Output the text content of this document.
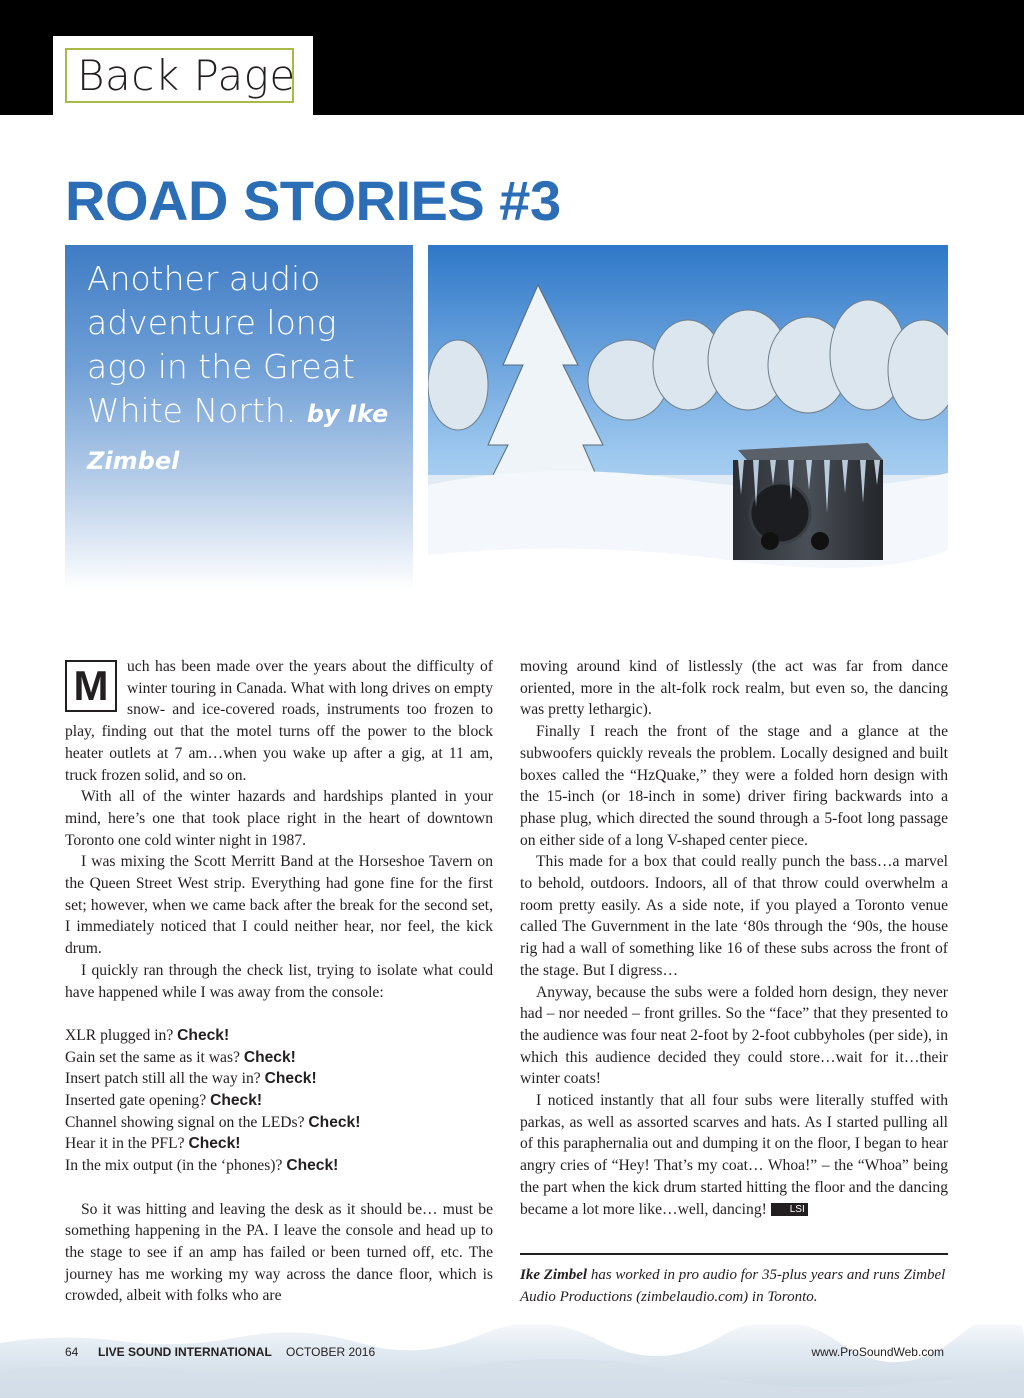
Back Page
ROAD STORIES #3
Another audio adventure long ago in the Great White North. by Ike Zimbel
M	uch has been made over the years about the difficulty of winter touring in Canada. What with long drives on empty snow- and ice-covered roads, instruments too frozen to play, finding out that the motel turns off the power to the block heater outlets at 7 am…when you wake up after a gig, at 11 am, truck frozen solid, and so on.

With all of the winter hazards and hardships planted in your mind, here’s one that took place right in the heart of downtown Toronto one cold winter night in 1987.

I was mixing the Scott Merritt Band at the Horseshoe Tavern on the Queen Street West strip. Everything had gone fine for the first set; however, when we came back after the break for the second set, I immediately noticed that I could neither hear, nor feel, the kick drum.

I quickly ran through the check list, trying to isolate what could have happened while I was away from the console:

XLR plugged in? Check!
Gain set the same as it was? Check!
Insert patch still all the way in? Check!
Inserted gate opening? Check!
Channel showing signal on the LEDs? Check!
Hear it in the PFL? Check!
In the mix output (in the ‘phones)? Check!

So it was hitting and leaving the desk as it should be… must be something happening in the PA. I leave the console and head up to the stage to see if an amp has failed or been turned off, etc. The journey has me working my way across the dance floor, which is crowded, albeit with folks who are

moving around kind of listlessly (the act was far from dance oriented, more in the alt-folk rock realm, but even so, the dancing was pretty lethargic).

Finally I reach the front of the stage and a glance at the subwoofers quickly reveals the problem. Locally designed and built boxes called the “HzQuake,” they were a folded horn design with the 15-inch (or 18-inch in some) driver firing backwards into a phase plug, which directed the sound through a 5-foot long passage on either side of a long V-shaped center piece.

This made for a box that could really punch the bass…a marvel to behold, outdoors. Indoors, all of that throw could overwhelm a room pretty easily. As a side note, if you played a Toronto venue called The Guvernment in the late ‘80s through the ‘90s, the house rig had a wall of something like 16 of these subs across the front of the stage. But I digress…

Anyway, because the subs were a folded horn design, they never had – nor needed – front grilles. So the “face” that they presented to the audience was four neat 2-foot by 2-foot cubbyholes (per side), in which this audience decided they could store…wait for it…their winter coats!

I noticed instantly that all four subs were literally stuffed with parkas, as well as assorted scarves and hats. As I started pulling all of this paraphernalia out and dumping it on the floor, I began to hear angry cries of “Hey! That’s my coat… Whoa!” – the “Whoa” being the part when the kick drum started hitting the floor and the dancing became a lot more like…well, dancing! LSI

Ike Zimbel has worked in pro audio for 35-plus years and runs Zimbel Audio Productions (zimbelaudio.com) in Toronto.
64 LIVE SOUND INTERNATIONAL OCTOBER 2016	www.ProSoundWeb.com
